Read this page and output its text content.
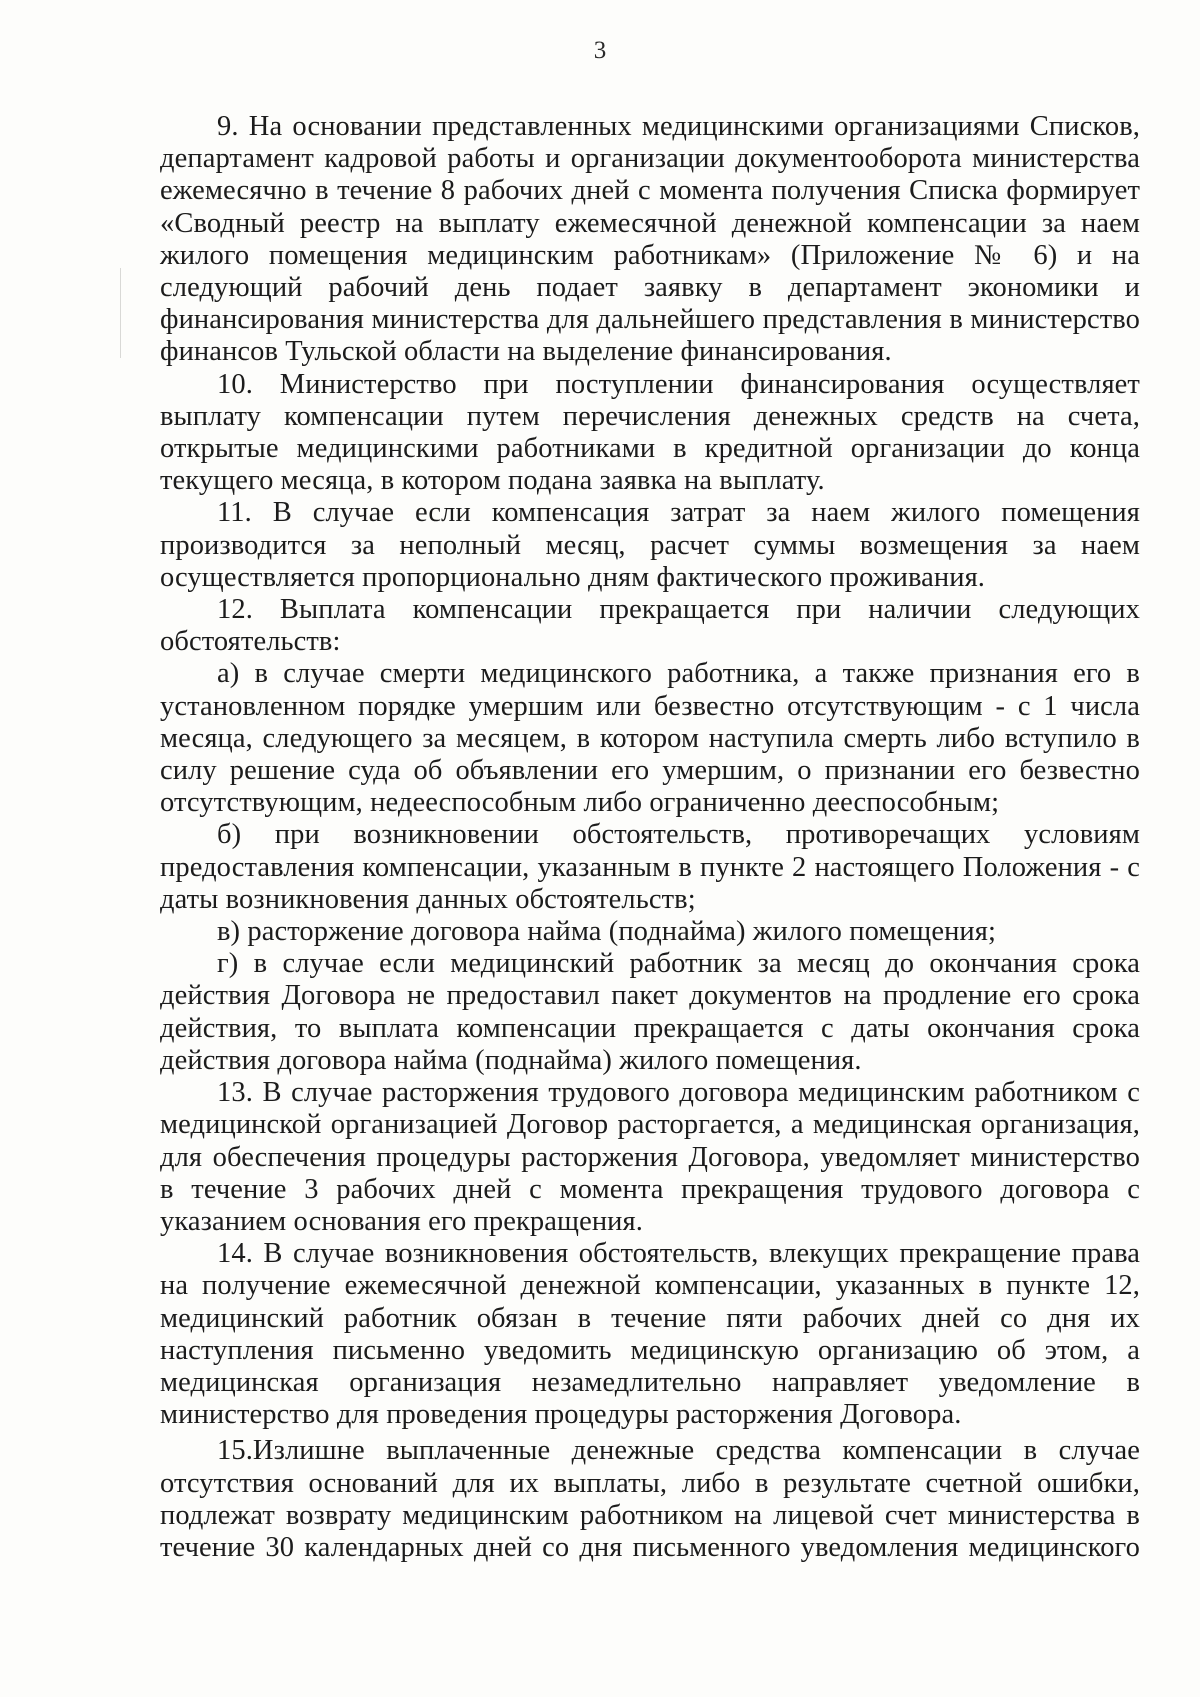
3

9. На основании представленных медицинскими организациями Списков, департамент кадровой работы и организации документооборота министерства ежемесячно в течение 8 рабочих дней с момента получения Списка формирует «Сводный реестр на выплату ежемесячной денежной компенсации за наем жилого помещения медицинским работникам» (Приложение № 6) и на следующий рабочий день подает заявку в департамент экономики и финансирования министерства для дальнейшего представления в министерство финансов Тульской области на выделение финансирования.

10. Министерство при поступлении финансирования осуществляет выплату компенсации путем перечисления денежных средств на счета, открытые медицинскими работниками в кредитной организации до конца текущего месяца, в котором подана заявка на выплату.

11. В случае если компенсация затрат за наем жилого помещения производится за неполный месяц, расчет суммы возмещения за наем осуществляется пропорционально дням фактического проживания.

12. Выплата компенсации прекращается при наличии следующих обстоятельств:

а) в случае смерти медицинского работника, а также признания его в установленном порядке умершим или безвестно отсутствующим - с 1 числа месяца, следующего за месяцем, в котором наступила смерть либо вступило в силу решение суда об объявлении его умершим, о признании его безвестно отсутствующим, недееспособным либо ограниченно дееспособным;

б) при возникновении обстоятельств, противоречащих условиям предоставления компенсации, указанным в пункте 2 настоящего Положения - с даты возникновения данных обстоятельств;

в) расторжение договора найма (поднайма) жилого помещения;

г) в случае если медицинский работник за месяц до окончания срока действия Договора не предоставил пакет документов на продление его срока действия, то выплата компенсации прекращается с даты окончания срока действия договора найма (поднайма) жилого помещения.

13. В случае расторжения трудового договора медицинским работником с медицинской организацией Договор расторгается, а медицинская организация, для обеспечения процедуры расторжения Договора, уведомляет министерство в течение 3 рабочих дней с момента прекращения трудового договора с указанием основания его прекращения.

14. В случае возникновения обстоятельств, влекущих прекращение права на получение ежемесячной денежной компенсации, указанных в пункте 12, медицинский работник обязан в течение пяти рабочих дней со дня их наступления письменно уведомить медицинскую организацию об этом, а медицинская организация незамедлительно направляет уведомление в министерство для проведения процедуры расторжения Договора.

15.Излишне выплаченные денежные средства компенсации в случае отсутствия оснований для их выплаты, либо в результате счетной ошибки, подлежат возврату медицинским работником на лицевой счет министерства в течение 30 календарных дней со дня письменного уведомления медицинского
